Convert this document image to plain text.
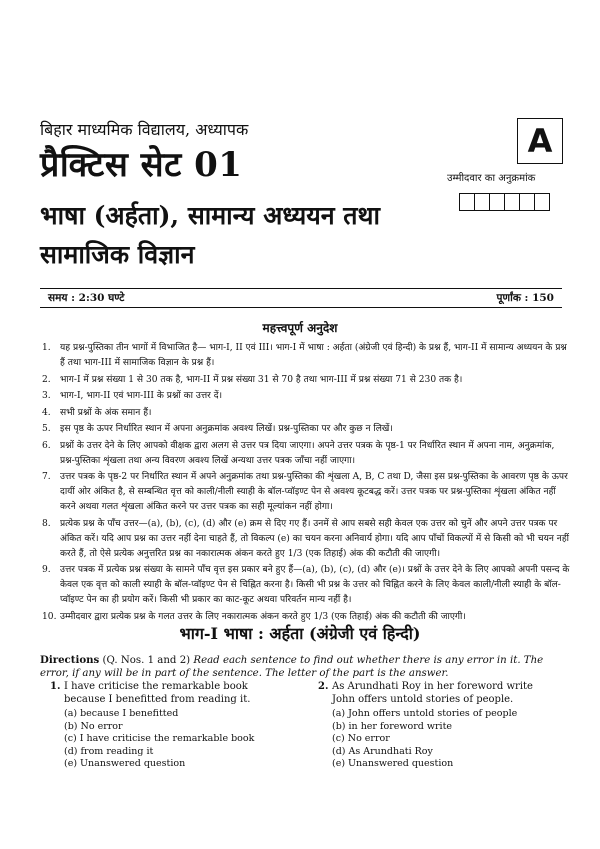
बिहार माध्यमिक विद्यालय, अध्यापक
प्रैक्टिस सेट 01
भाषा (अर्हता), सामान्य अध्ययन तथा
सामाजिक विज्ञान
A
उम्मीदवार का अनुक्रमांक
समय : 2:30 घण्टे	पूर्णांक : 150
महत्त्वपूर्ण अनुदेश
1.	यह प्रश्न-पुस्तिका तीन भागों में विभाजित है— भाग-I, II एवं III। भाग-I में भाषा : अर्हता (अंग्रेजी एवं हिन्दी) के प्रश्न हैं, भाग-II में सामान्य अध्ययन के प्रश्न हैं तथा भाग-III में सामाजिक विज्ञान के प्रश्न हैं।
2.	भाग-I में प्रश्न संख्या 1 से 30 तक है, भाग-II में प्रश्न संख्या 31 से 70 है तथा भाग-III में प्रश्न संख्या 71 से 230 तक है।
3.	भाग-I, भाग-II एवं भाग-III के प्रश्नों का उत्तर दें।
4.	सभी प्रश्नों के अंक समान हैं।
5.	इस पृष्ठ के ऊपर निर्धारित स्थान में अपना अनुक्रमांक अवश्य लिखें। प्रश्न-पुस्तिका पर और कुछ न लिखें।
6.	प्रश्नों के उत्तर देने के लिए आपको वीक्षक द्वारा अलग से उत्तर पत्र दिया जाएगा। अपने उत्तर पत्रक के पृष्ठ-1 पर निर्धारित स्थान में अपना नाम, अनुक्रमांक, प्रश्न-पुस्तिका शृंखला तथा अन्य विवरण अवश्य लिखें अन्यथा उत्तर पत्रक जाँचा नहीं जाएगा।
7.	उत्तर पत्रक के पृष्ठ-2 पर निर्धारित स्थान में अपने अनुक्रमांक तथा प्रश्न-पुस्तिका की शृंखला A, B, C तथा D, जैसा इस प्रश्न-पुस्तिका के आवरण पृष्ठ के ऊपर दायीं ओर अंकित है, से सम्बन्धित वृत्त को काली/नीली स्याही के बॉल-प्वॉइण्ट पेन से अवश्य कूटबद्ध करें। उत्तर पत्रक पर प्रश्न-पुस्तिका शृंखला अंकित नहीं करने अथवा गलत शृंखला अंकित करने पर उत्तर पत्रक का सही मूल्यांकन नहीं होगा।
8.	प्रत्येक प्रश्न के पाँच उत्तर—(a), (b), (c), (d) और (e) क्रम से दिए गए हैं। उनमें से आप सबसे सही केवल एक उत्तर को चुनें और अपने उत्तर पत्रक पर अंकित करें। यदि आप प्रश्न का उत्तर नहीं देना चाहते हैं, तो विकल्प (e) का चयन करना अनिवार्य होगा। यदि आप पाँचों विकल्पों में से किसी को भी चयन नहीं करते हैं, तो ऐसे प्रत्येक अनुत्तरित प्रश्न का नकारात्मक अंकन करते हुए 1/3 (एक तिहाई) अंक की कटौती की जाएगी।
9.	उत्तर पत्रक में प्रत्येक प्रश्न संख्या के सामने पाँच वृत्त इस प्रकार बने हुए हैं—(a), (b), (c), (d) और (e)। प्रश्नों के उत्तर देने के लिए आपको अपनी पसन्द के केवल एक वृत्त को काली स्याही के बॉल-प्वॉइण्ट पेन से चिह्नित करना है। किसी भी प्रश्न के उत्तर को चिह्नित करने के लिए केवल काली/नीली स्याही के बॉल-प्वॉइण्ट पेन का ही प्रयोग करें। किसी भी प्रकार का काट-कूट अथवा परिवर्तन मान्य नहीं है।
10. उम्मीदवार द्वारा प्रत्येक प्रश्न के गलत उत्तर के लिए नकारात्मक अंकन करते हुए 1/3 (एक तिहाई) अंक की कटौती की जाएगी।
भाग-I भाषा : अर्हता (अंग्रेजी एवं हिन्दी)
Directions (Q. Nos. 1 and 2) Read each sentence to find out whether there is any error in it. The error, if any will be in part of the sentence. The letter of the part is the answer.
1. I have criticise the remarkable book because I benefitted from reading it.
(a) because I benefitted
(b) No error
(c) I have criticise the remarkable book
(d) from reading it
(e) Unanswered question
2. As Arundhati Roy in her foreword write John offers untold stories of people.
(a) John offers untold stories of people
(b) in her foreword write
(c) No error
(d) As Arundhati Roy
(e) Unanswered question
